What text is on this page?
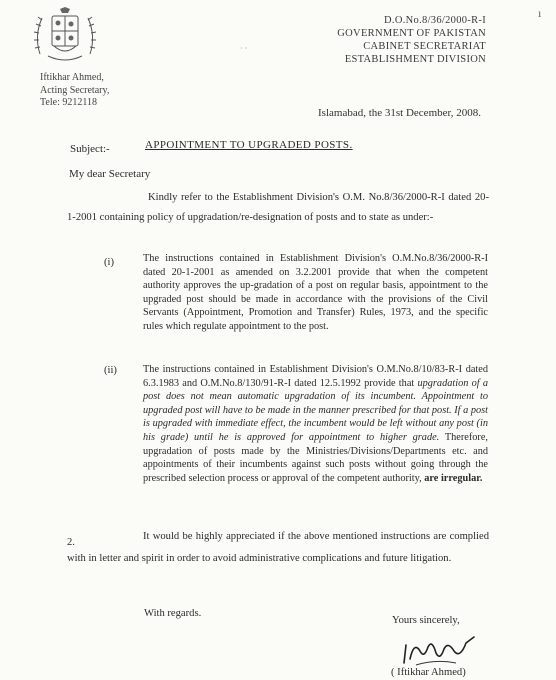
· ·
ı
D.O.No.8/36/2000-R-I
GOVERNMENT OF PAKISTAN
CABINET SECRETARIAT
ESTABLISHMENT DIVISION
Iftikhar Ahmed,
Acting Secretary,
Tele: 9212118
Islamabad, the 31st December, 2008.
Subject:-	APPOINTMENT TO UPGRADED POSTS.
My dear Secretary
Kindly refer to the Establishment Division's O.M. No.8/36/2000-R-I dated 20-1-2001 containing policy of upgradation/re-designation of posts and to state as under:-
(i)	The instructions contained in Establishment Division's O.M.No.8/36/2000-R-I dated 20-1-2001 as amended on 3.2.2001 provide that when the competent authority approves the up-gradation of a post on regular basis, appointment to the upgraded post should be made in accordance with the provisions of the Civil Servants (Appointment, Promotion and Transfer) Rules, 1973, and the specific rules which regulate appointment to the post.
(ii)	The instructions contained in Establishment Division's O.M.No.8/10/83-R-I dated 6.3.1983 and O.M.No.8/130/91-R-I dated 12.5.1992 provide that upgradation of a post does not mean automatic upgradation of its incumbent. Appointment to upgraded post will have to be made in the manner prescribed for that post. If a post is upgraded with immediate effect, the incumbent would be left without any post (in his grade) until he is approved for appointment to higher grade. Therefore, upgradation of posts made by the Ministries/Divisions/Departments etc. and appointments of their incumbents against such posts without going through the prescribed selection process or approval of the competent authority, are irregular.
2.
It would be highly appreciated if the above mentioned instructions are complied with in letter and spirit in order to avoid administrative complications and future litigation.
With regards.
Yours sincerely,
( Iftikhar Ahmed)
